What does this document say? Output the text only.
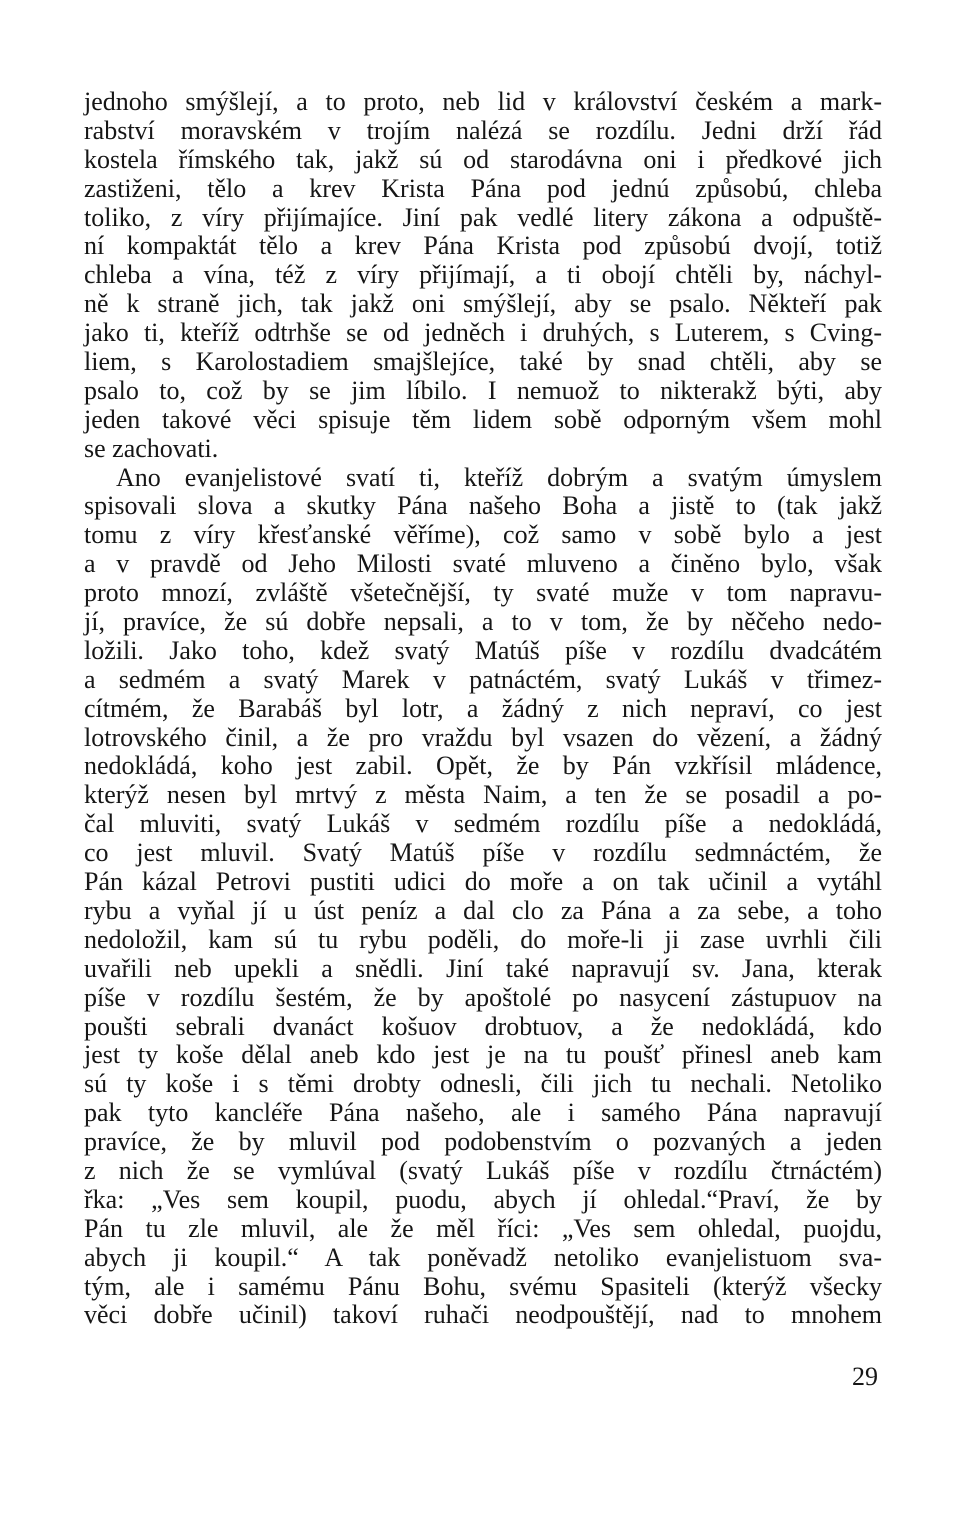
jednoho smýšlejí, a to proto, neb lid v království českém a mark-
rabství moravském v trojím nalézá se rozdílu. Jedni drží řád
kostela římského tak, jakž sú od starodávna oni i předkové jich
zastiženi, tělo a krev Krista Pána pod jednú způsobú, chleba
toliko, z víry přijímajíce. Jiní pak vedlé litery zákona a odpuště-
ní kompaktát tělo a krev Pána Krista pod způsobú dvojí, totiž
chleba a vína, též z víry přijímají, a ti obojí chtěli by, náchyl-
ně k straně jich, tak jakž oni smýšlejí, aby se psalo. Někteří pak
jako ti, kteříž odtrhše se od jedněch i druhých, s Luterem, s Cving-
liem, s Karolostadiem smajšlejíce, také by snad chtěli, aby se
psalo to, což by se jim líbilo. I nemuož to nikterakž býti, aby
jeden takové věci spisuje těm lidem sobě odporným všem mohl
se zachovati.

Ano evanjelistové svatí ti, kteříž dobrým a svatým úmyslem
spisovali slova a skutky Pána našeho Boha a jistě to (tak jakž
tomu z víry křesťanské věříme), což samo v sobě bylo a jest
a v pravdě od Jeho Milosti svaté mluveno a činěno bylo, však
proto mnozí, zvláště všetečnější, ty svaté muže v tom napravu-
jí, pravíce, že sú dobře nepsali, a to v tom, že by něčeho nedo-
ložili. Jako toho, kdež svatý Matúš píše v rozdílu dvadcátém
a sedmém a svatý Marek v patnáctém, svatý Lukáš v třimez-
cítmém, že Barabáš byl lotr, a žádný z nich nepraví, co jest
lotrovského činil, a že pro vraždu byl vsazen do vězení, a žádný
nedokládá, koho jest zabil. Opět, že by Pán vzkřísil mládence,
kterýž nesen byl mrtvý z města Naim, a ten že se posadil a po-
čal mluviti, svatý Lukáš v sedmém rozdílu píše a nedokládá,
co jest mluvil. Svatý Matúš píše v rozdílu sedmnáctém, že
Pán kázal Petrovi pustiti udici do moře a on tak učinil a vytáhl
rybu a vyňal jí u úst peníz a dal clo za Pána a za sebe, a toho
nedoložil, kam sú tu rybu poděli, do moře-li ji zase uvrhli čili
uvařili neb upekli a snědli. Jiní také napravují sv. Jana, kterak
píše v rozdílu šestém, že by apoštolé po nasycení zástupuov na
poušti sebrali dvanáct košuov drobtuov, a že nedokládá, kdo
jest ty koše dělal aneb kdo jest je na tu poušť přinesl aneb kam
sú ty koše i s těmi drobty odnesli, čili jich tu nechali. Netoliko
pak tyto kancléře Pána našeho, ale i samého Pána napravují
pravíce, že by mluvil pod podobenstvím o pozvaných a jeden
z nich že se vymlúval (svatý Lukáš píše v rozdílu čtrnáctém)
řka: „Ves sem koupil, puodu, abych jí ohledal.“Praví, že by
Pán tu zle mluvil, ale že měl říci: „Ves sem ohledal, puojdu,
abych ji koupil.“ A tak poněvadž netoliko evanjelistuom sva-
tým, ale i samému Pánu Bohu, svému Spasiteli (kterýž všecky
věci dobře učinil) takoví ruhači neodpouštějí, nad to mnohem

29
